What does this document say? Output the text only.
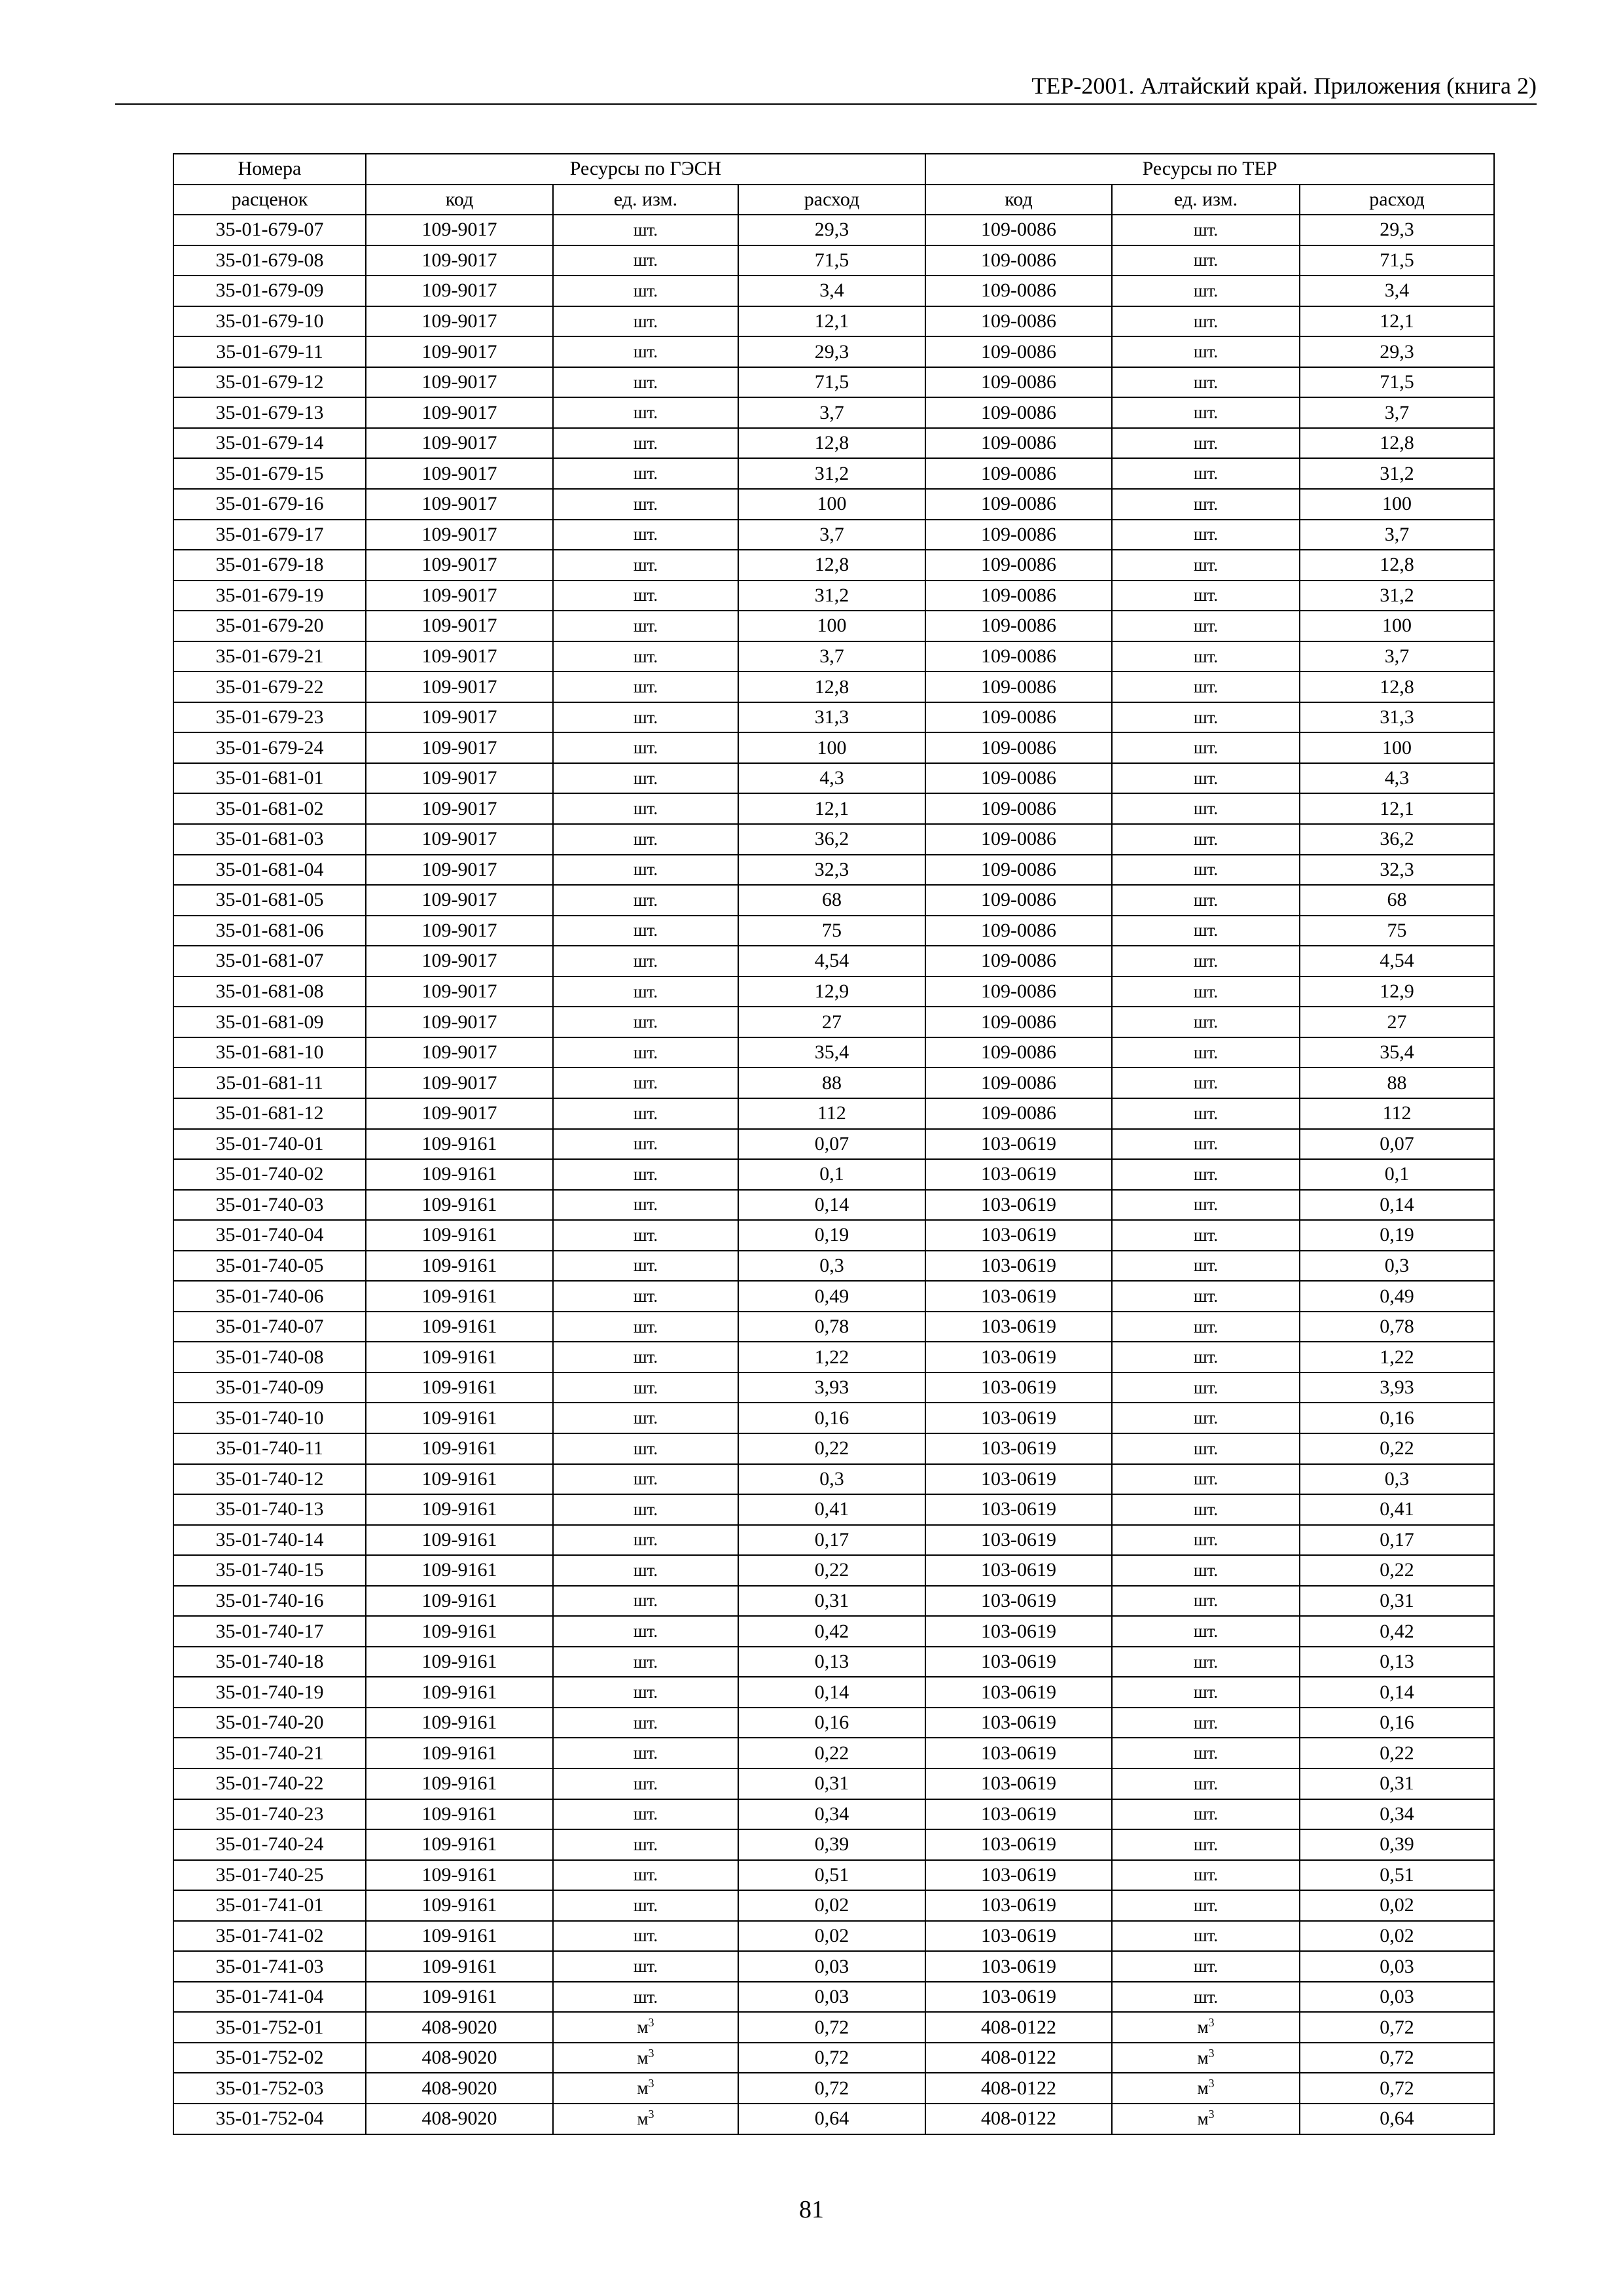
ТЕР-2001. Алтайский край. Приложения (книга 2)
Номера	Ресурсы по ГЭСН			Ресурсы по ТЕР		
расценок	код	ед. изм.	расход	код	ед. изм.	расход
35-01-679-07	109-9017	шт.	29,3	109-0086	шт.	29,3
35-01-679-08	109-9017	шт.	71,5	109-0086	шт.	71,5
35-01-679-09	109-9017	шт.	3,4	109-0086	шт.	3,4
35-01-679-10	109-9017	шт.	12,1	109-0086	шт.	12,1
35-01-679-11	109-9017	шт.	29,3	109-0086	шт.	29,3
35-01-679-12	109-9017	шт.	71,5	109-0086	шт.	71,5
35-01-679-13	109-9017	шт.	3,7	109-0086	шт.	3,7
35-01-679-14	109-9017	шт.	12,8	109-0086	шт.	12,8
35-01-679-15	109-9017	шт.	31,2	109-0086	шт.	31,2
35-01-679-16	109-9017	шт.	100	109-0086	шт.	100
35-01-679-17	109-9017	шт.	3,7	109-0086	шт.	3,7
35-01-679-18	109-9017	шт.	12,8	109-0086	шт.	12,8
35-01-679-19	109-9017	шт.	31,2	109-0086	шт.	31,2
35-01-679-20	109-9017	шт.	100	109-0086	шт.	100
35-01-679-21	109-9017	шт.	3,7	109-0086	шт.	3,7
35-01-679-22	109-9017	шт.	12,8	109-0086	шт.	12,8
35-01-679-23	109-9017	шт.	31,3	109-0086	шт.	31,3
35-01-679-24	109-9017	шт.	100	109-0086	шт.	100
35-01-681-01	109-9017	шт.	4,3	109-0086	шт.	4,3
35-01-681-02	109-9017	шт.	12,1	109-0086	шт.	12,1
35-01-681-03	109-9017	шт.	36,2	109-0086	шт.	36,2
35-01-681-04	109-9017	шт.	32,3	109-0086	шт.	32,3
35-01-681-05	109-9017	шт.	68	109-0086	шт.	68
35-01-681-06	109-9017	шт.	75	109-0086	шт.	75
35-01-681-07	109-9017	шт.	4,54	109-0086	шт.	4,54
35-01-681-08	109-9017	шт.	12,9	109-0086	шт.	12,9
35-01-681-09	109-9017	шт.	27	109-0086	шт.	27
35-01-681-10	109-9017	шт.	35,4	109-0086	шт.	35,4
35-01-681-11	109-9017	шт.	88	109-0086	шт.	88
35-01-681-12	109-9017	шт.	112	109-0086	шт.	112
35-01-740-01	109-9161	шт.	0,07	103-0619	шт.	0,07
35-01-740-02	109-9161	шт.	0,1	103-0619	шт.	0,1
35-01-740-03	109-9161	шт.	0,14	103-0619	шт.	0,14
35-01-740-04	109-9161	шт.	0,19	103-0619	шт.	0,19
35-01-740-05	109-9161	шт.	0,3	103-0619	шт.	0,3
35-01-740-06	109-9161	шт.	0,49	103-0619	шт.	0,49
35-01-740-07	109-9161	шт.	0,78	103-0619	шт.	0,78
35-01-740-08	109-9161	шт.	1,22	103-0619	шт.	1,22
35-01-740-09	109-9161	шт.	3,93	103-0619	шт.	3,93
35-01-740-10	109-9161	шт.	0,16	103-0619	шт.	0,16
35-01-740-11	109-9161	шт.	0,22	103-0619	шт.	0,22
35-01-740-12	109-9161	шт.	0,3	103-0619	шт.	0,3
35-01-740-13	109-9161	шт.	0,41	103-0619	шт.	0,41
35-01-740-14	109-9161	шт.	0,17	103-0619	шт.	0,17
35-01-740-15	109-9161	шт.	0,22	103-0619	шт.	0,22
35-01-740-16	109-9161	шт.	0,31	103-0619	шт.	0,31
35-01-740-17	109-9161	шт.	0,42	103-0619	шт.	0,42
35-01-740-18	109-9161	шт.	0,13	103-0619	шт.	0,13
35-01-740-19	109-9161	шт.	0,14	103-0619	шт.	0,14
35-01-740-20	109-9161	шт.	0,16	103-0619	шт.	0,16
35-01-740-21	109-9161	шт.	0,22	103-0619	шт.	0,22
35-01-740-22	109-9161	шт.	0,31	103-0619	шт.	0,31
35-01-740-23	109-9161	шт.	0,34	103-0619	шт.	0,34
35-01-740-24	109-9161	шт.	0,39	103-0619	шт.	0,39
35-01-740-25	109-9161	шт.	0,51	103-0619	шт.	0,51
35-01-741-01	109-9161	шт.	0,02	103-0619	шт.	0,02
35-01-741-02	109-9161	шт.	0,02	103-0619	шт.	0,02
35-01-741-03	109-9161	шт.	0,03	103-0619	шт.	0,03
35-01-741-04	109-9161	шт.	0,03	103-0619	шт.	0,03
35-01-752-01	408-9020	$м^3$	0,72	408-0122	$м^3$	0,72
35-01-752-02	408-9020	$м^3$	0,72	408-0122	$м^3$	0,72
35-01-752-03	408-9020	$м^3$	0,72	408-0122	$м^3$	0,72
35-01-752-04	408-9020	$м^3$	0,64	408-0122	$м^3$	0,64
81
